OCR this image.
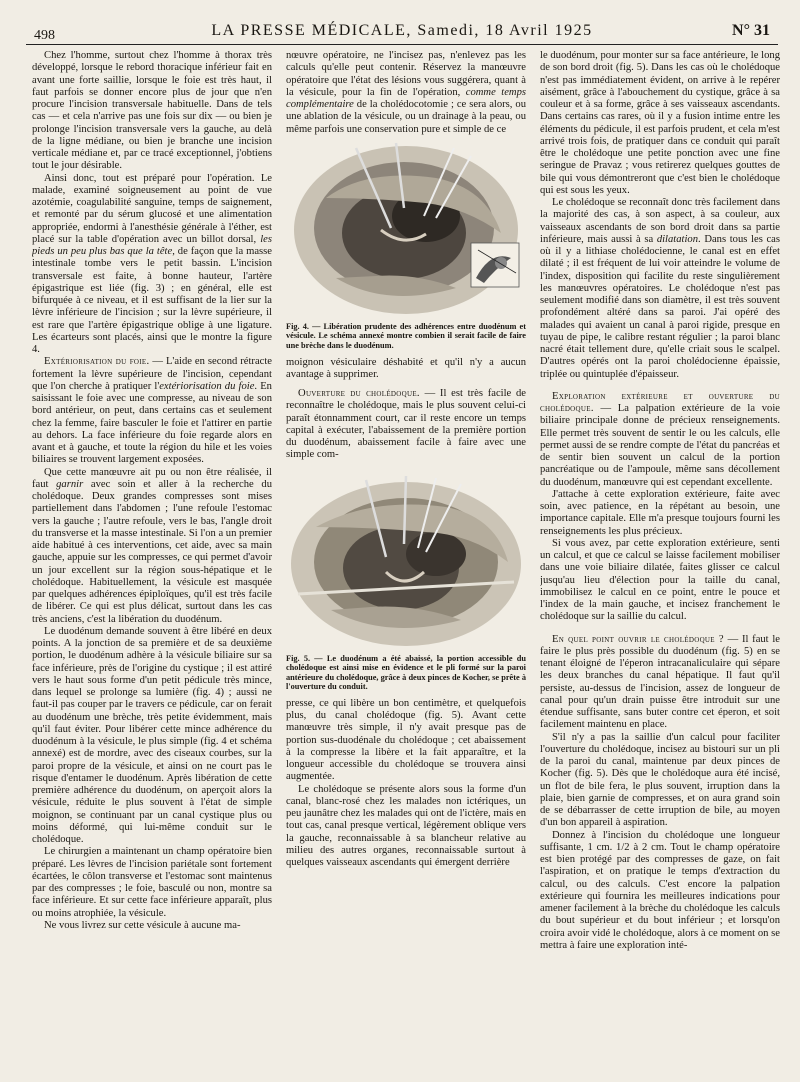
498	LA PRESSE MÉDICALE, Samedi, 18 Avril 1925	N° 31

Chez l'homme, surtout chez l'homme à thorax très développé, lorsque le rebord thoracique inférieur fait en avant une forte saillie, lorsque le foie est très haut, il faut parfois se donner encore plus de jour que n'en procure l'incision transversale habituelle. Dans de tels cas — et cela n'arrive pas une fois sur dix — ou bien je prolonge l'incision transversale vers la gauche, au delà de la ligne médiane, ou bien je branche une incision verticale médiane et, par ce tracé exceptionnel, j'obtiens tout le jour désirable.

Ainsi donc, tout est préparé pour l'opération. Le malade, examiné soigneusement au point de vue azotémie, coagulabilité sanguine, temps de saignement, et remonté par du sérum glucosé et une alimentation appropriée, endormi à l'anesthésie générale à l'éther, est placé sur la table d'opération avec un billot dorsal, les pieds un peu plus bas que la tête, de façon que la masse intestinale tombe vers le petit bassin. L'incision transversale est faite, à bonne hauteur, l'artère épigastrique est liée (fig. 3) ; en général, elle est bifurquée à ce niveau, et il est suffisant de la lier sur la lèvre inférieure de l'incision ; sur la lèvre supérieure, il est rare que l'artère épigastrique oblige à une ligature. Les écarteurs sont placés, ainsi que le montre la figure 4.

Extériorisation du foie. — L'aide en second rétracte fortement la lèvre supérieure de l'incision, cependant que l'on cherche à pratiquer l'extériorisation du foie. En saisissant le foie avec une compresse, au niveau de son bord antérieur, on peut, dans certains cas et seulement chez la femme, faire basculer le foie et l'attirer en partie au dehors. La face inférieure du foie regarde alors en avant et à gauche, et toute la région du hile et les voies biliaires se trouvent largement exposées.

Que cette manœuvre ait pu ou non être réalisée, il faut garnir avec soin et aller à la recherche du cholédoque. Deux grandes compresses sont mises partiellement dans l'abdomen ; l'une refoule l'estomac vers la gauche ; l'autre refoule, vers le bas, l'angle droit du transverse et la masse intestinale. Si l'on a un premier aide habitué à ces interventions, cet aide, avec sa main gauche, appuie sur les compresses, ce qui permet d'avoir un jour excellent sur la région sous-hépatique et le cholédoque. Habituellement, la vésicule est masquée par quelques adhérences épiploïques, qu'il est très facile de libérer. Ce qui est plus délicat, surtout dans les cas très anciens, c'est la libération du duodénum.

Le duodénum demande souvent à être libéré en deux points. A la jonction de sa première et de sa deuxième portion, le duodénum adhère à la vésicule biliaire sur sa face inférieure, près de l'origine du cystique ; il est attiré vers le haut sous forme d'un petit pédicule très mince, dans lequel se prolonge sa lumière (fig. 4) ; aussi ne faut-il pas couper par le travers ce pédicule, car on ferait au duodénum une brèche, très petite évidemment, mais qu'il faut éviter. Pour libérer cette mince adhérence du duodénum à la vésicule, le plus simple (fig. 4 et schéma annexé) est de mordre, avec des ciseaux courbes, sur la paroi propre de la vésicule, et ainsi on ne court pas le risque d'entamer le duodénum. Après libération de cette première adhérence du duodénum, on aperçoit alors la vésicule, réduite le plus souvent à l'état de simple moignon, se continuant par un canal cystique plus ou moins déformé, qui lui-même conduit sur le cholédoque.

Le chirurgien a maintenant un champ opératoire bien préparé. Les lèvres de l'incision pariétale sont fortement écartées, le côlon transverse et l'estomac sont maintenus par des compresses ; le foie, basculé ou non, montre sa face inférieure. Et sur cette face inférieure apparaît, plus ou moins atrophiée, la vésicule.

Ne vous livrez sur cette vésicule à aucune ma-

nœuvre opératoire, ne l'incisez pas, n'enlevez pas les calculs qu'elle peut contenir. Réservez la manœuvre opératoire que l'état des lésions vous suggérera, quant à la vésicule, pour la fin de l'opération, comme temps complémentaire de la cholédocotomie ; ce sera alors, ou une ablation de la vésicule, ou un drainage à la peau, ou même parfois une conservation pure et simple de ce

Fig. 4. — Libération prudente des adhérences entre duodénum et vésicule. Le schéma annexé montre combien il serait facile de faire une brèche dans le duodénum.

moignon vésiculaire déshabité et qu'il n'y a aucun avantage à supprimer.

Ouverture du cholédoque. — Il est très facile de reconnaître le cholédoque, mais le plus souvent celui-ci paraît étonnamment court, car il reste encore un temps capital à exécuter, l'abaissement de la première portion du duodénum, abaissement facile à faire avec une simple com-

Fig. 5. — Le duodénum a été abaissé, la portion accessible du cholédoque est ainsi mise en évidence et le pli formé sur la paroi antérieure du cholédoque, grâce à deux pinces de Kocher, se prête à l'ouverture du conduit.

presse, ce qui libère un bon centimètre, et quelquefois plus, du canal cholédoque (fig. 5). Avant cette manœuvre très simple, il n'y avait presque pas de portion sus-duodénale du cholédoque ; cet abaissement à la compresse la libère et la fait apparaître, et la longueur accessible du cholédoque se trouvera ainsi augmentée.

Le cholédoque se présente alors sous la forme d'un canal, blanc-rosé chez les malades non ictériques, un peu jaunâtre chez les malades qui ont de l'ictère, mais en tout cas, canal presque vertical, légèrement oblique vers la gauche, reconnaissable à sa blancheur relative au milieu des autres organes, reconnaissable surtout à quelques vaisseaux ascendants qui émergent derrière

le duodénum, pour monter sur sa face antérieure, le long de son bord droit (fig. 5). Dans les cas où le cholédoque n'est pas immédiatement évident, on arrive à le repérer aisément, grâce à l'abouchement du cystique, grâce à sa couleur et à sa forme, grâce à ses vaisseaux ascendants. Dans certains cas rares, où il y a fusion intime entre les éléments du pédicule, il est parfois prudent, et cela m'est arrivé trois fois, de pratiquer dans ce conduit qui paraît être le cholédoque une petite ponction avec une fine seringue de Pravaz ; vous retirerez quelques gouttes de bile qui vous démontreront que c'est bien le cholédoque qui est sous les yeux.

Le cholédoque se reconnaît donc très facilement dans la majorité des cas, à son aspect, à sa couleur, aux vaisseaux ascendants de son bord droit dans sa partie inférieure, mais aussi à sa dilatation. Dans tous les cas où il y a lithiase cholédocienne, le canal est en effet dilaté ; il est fréquent de lui voir atteindre le volume de l'index, disposition qui facilite du reste singulièrement les manœuvres opératoires. Le cholédoque n'est pas seulement modifié dans son diamètre, il est très souvent profondément altéré dans sa paroi. J'ai opéré des malades qui avaient un canal à paroi rigide, presque en tuyau de pipe, le calibre restant régulier ; la paroi blanc nacré était tellement dure, qu'elle criait sous le scalpel. D'autres opérés ont la paroi cholédocienne épaissie, triplée ou quintuplée d'épaisseur.

Exploration extérieure et ouverture du cholédoque. — La palpation extérieure de la voie biliaire principale donne de précieux renseignements. Elle permet très souvent de sentir le ou les calculs, elle permet aussi de se rendre compte de l'état du pancréas et de sentir bien souvent un calcul de la portion pancréatique ou de l'ampoule, même sans décollement du duodénum, manœuvre qui est cependant excellente.

J'attache à cette exploration extérieure, faite avec soin, avec patience, en la répétant au besoin, une importance capitale. Elle m'a presque toujours fourni les renseignements les plus précieux.

Si vous avez, par cette exploration extérieure, senti un calcul, et que ce calcul se laisse facilement mobiliser dans une voie biliaire dilatée, faites glisser ce calcul jusqu'au lieu d'élection pour la taille du canal, immobilisez le calcul en ce point, entre le pouce et l'index de la main gauche, et incisez franchement le cholédoque sur la saillie du calcul.

En quel point ouvrir le cholédoque ? — Il faut le faire le plus près possible du duodénum (fig. 5) en se tenant éloigné de l'éperon intracanaliculaire qui sépare les deux branches du canal hépatique. Il faut qu'il persiste, au-dessus de l'incision, assez de longueur de canal pour qu'un drain puisse être introduit sur une étendue suffisante, sans buter contre cet éperon, et soit facilement maintenu en place.

S'il n'y a pas la saillie d'un calcul pour faciliter l'ouverture du cholédoque, incisez au bistouri sur un pli de la paroi du canal, maintenue par deux pinces de Kocher (fig. 5). Dès que le cholédoque aura été incisé, un flot de bile fera, le plus souvent, irruption dans la plaie, bien garnie de compresses, et on aura grand soin de se débarrasser de cette irruption de bile, au moyen d'un bon appareil à aspiration.

Donnez à l'incision du cholédoque une longueur suffisante, 1 cm. 1/2 à 2 cm. Tout le champ opératoire est bien protégé par des compresses de gaze, on fait l'aspiration, et on pratique le temps d'extraction du calcul, ou des calculs. C'est encore la palpation extérieure qui fournira les meilleures indications pour amener facilement à la brèche du cholédoque les calculs du bout supérieur et du bout inférieur ; et lorsqu'on croira avoir vidé le cholédoque, alors à ce moment on se mettra à faire une exploration inté-
